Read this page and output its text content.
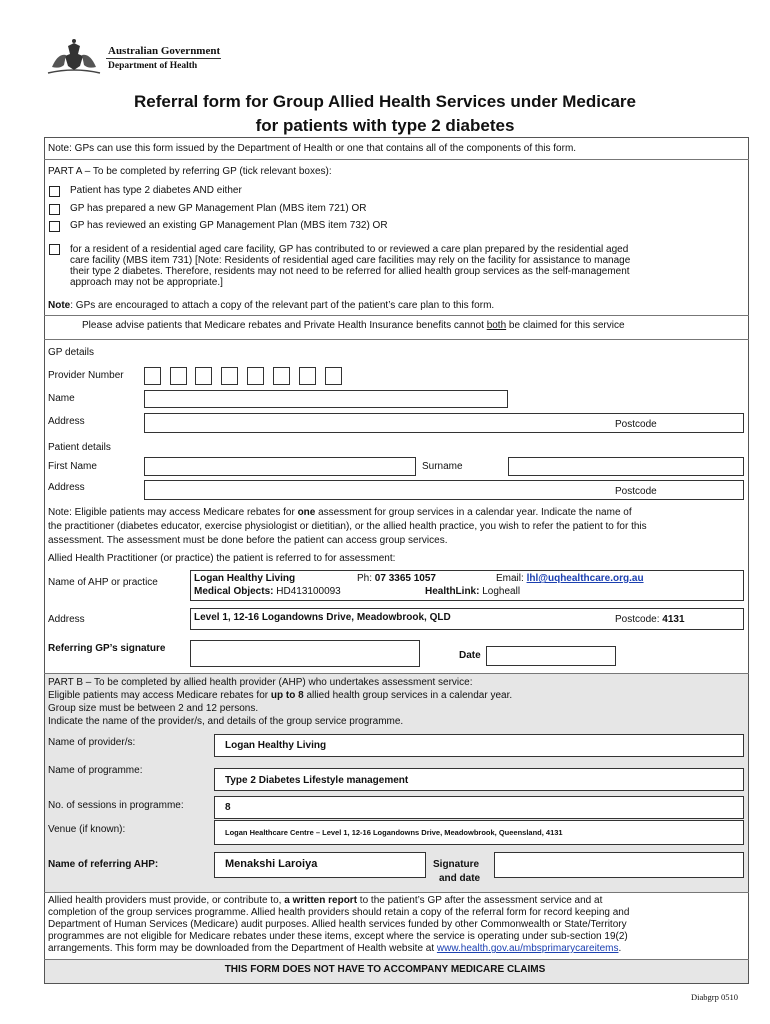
Australian Government
Department of Health
Referral form for Group Allied Health Services under Medicare
for patients with type 2 diabetes
Note: GPs can use this form issued by the Department of Health or one that contains all of the components of this form.
PART A – To be completed by referring GP (tick relevant boxes):
Patient has type 2 diabetes AND either
GP has prepared a new GP Management Plan (MBS item 721) OR
GP has reviewed an existing GP Management Plan (MBS item 732) OR
for a resident of a residential aged care facility, GP has contributed to or reviewed a care plan prepared by the residential aged
care facility (MBS item 731) [Note: Residents of residential aged care facilities may rely on the facility for assistance to manage
their type 2 diabetes. Therefore, residents may not need to be referred for allied health group services as the self-management
approach may not be appropriate.]
Note: GPs are encouraged to attach a copy of the relevant part of the patient’s care plan to this form.
Please advise patients that Medicare rebates and Private Health Insurance benefits cannot both be claimed for this service
GP details
Provider Number
Name
Address	Postcode
Patient details
First Name	Surname
Address	Postcode
Note: Eligible patients may access Medicare rebates for one assessment for group services in a calendar year. Indicate the name of
the practitioner (diabetes educator, exercise physiologist or dietitian), or the allied health practice, you wish to refer the patient to for this
assessment. The assessment must be done before the patient can access group services.
Allied Health Practitioner (or practice) the patient is referred to for assessment:
Name of AHP or practice	Logan Healthy Living	Ph: 07 3365 1057	Email: lhl@uqhealthcare.org.au
Medical Objects: HD413100093	HealthLink: Logheall
Address	Level 1, 12-16 Logandowns Drive, Meadowbrook, QLD	Postcode: 4131
Referring GP’s signature
Date
PART B – To be completed by allied health provider (AHP) who undertakes assessment service:
Eligible patients may access Medicare rebates for up to 8 allied health group services in a calendar year.
Group size must be between 2 and 12 persons.
Indicate the name of the provider/s, and details of the group service programme.
Name of provider/s:	Logan Healthy Living
Name of programme:
Type 2 Diabetes Lifestyle management
No. of sessions in programme:	8
Venue (if known):	Logan Healthcare Centre – Level 1, 12-16 Logandowns Drive, Meadowbrook, Queensland, 4131
Name of referring AHP:	Menakshi Laroiya	Signature
and date
Allied health providers must provide, or contribute to, a written report to the patient’s GP after the assessment service and at
completion of the group services programme. Allied health providers should retain a copy of the referral form for record keeping and
Department of Human Services (Medicare) audit purposes. Allied health services funded by other Commonwealth or State/Territory
programmes are not eligible for Medicare rebates under these items, except where the service is operating under sub-section 19(2)
arrangements. This form may be downloaded from the Department of Health website at www.health.gov.au/mbsprimarycareitems.
THIS FORM DOES NOT HAVE TO ACCOMPANY MEDICARE CLAIMS
Diabgrp 0510
